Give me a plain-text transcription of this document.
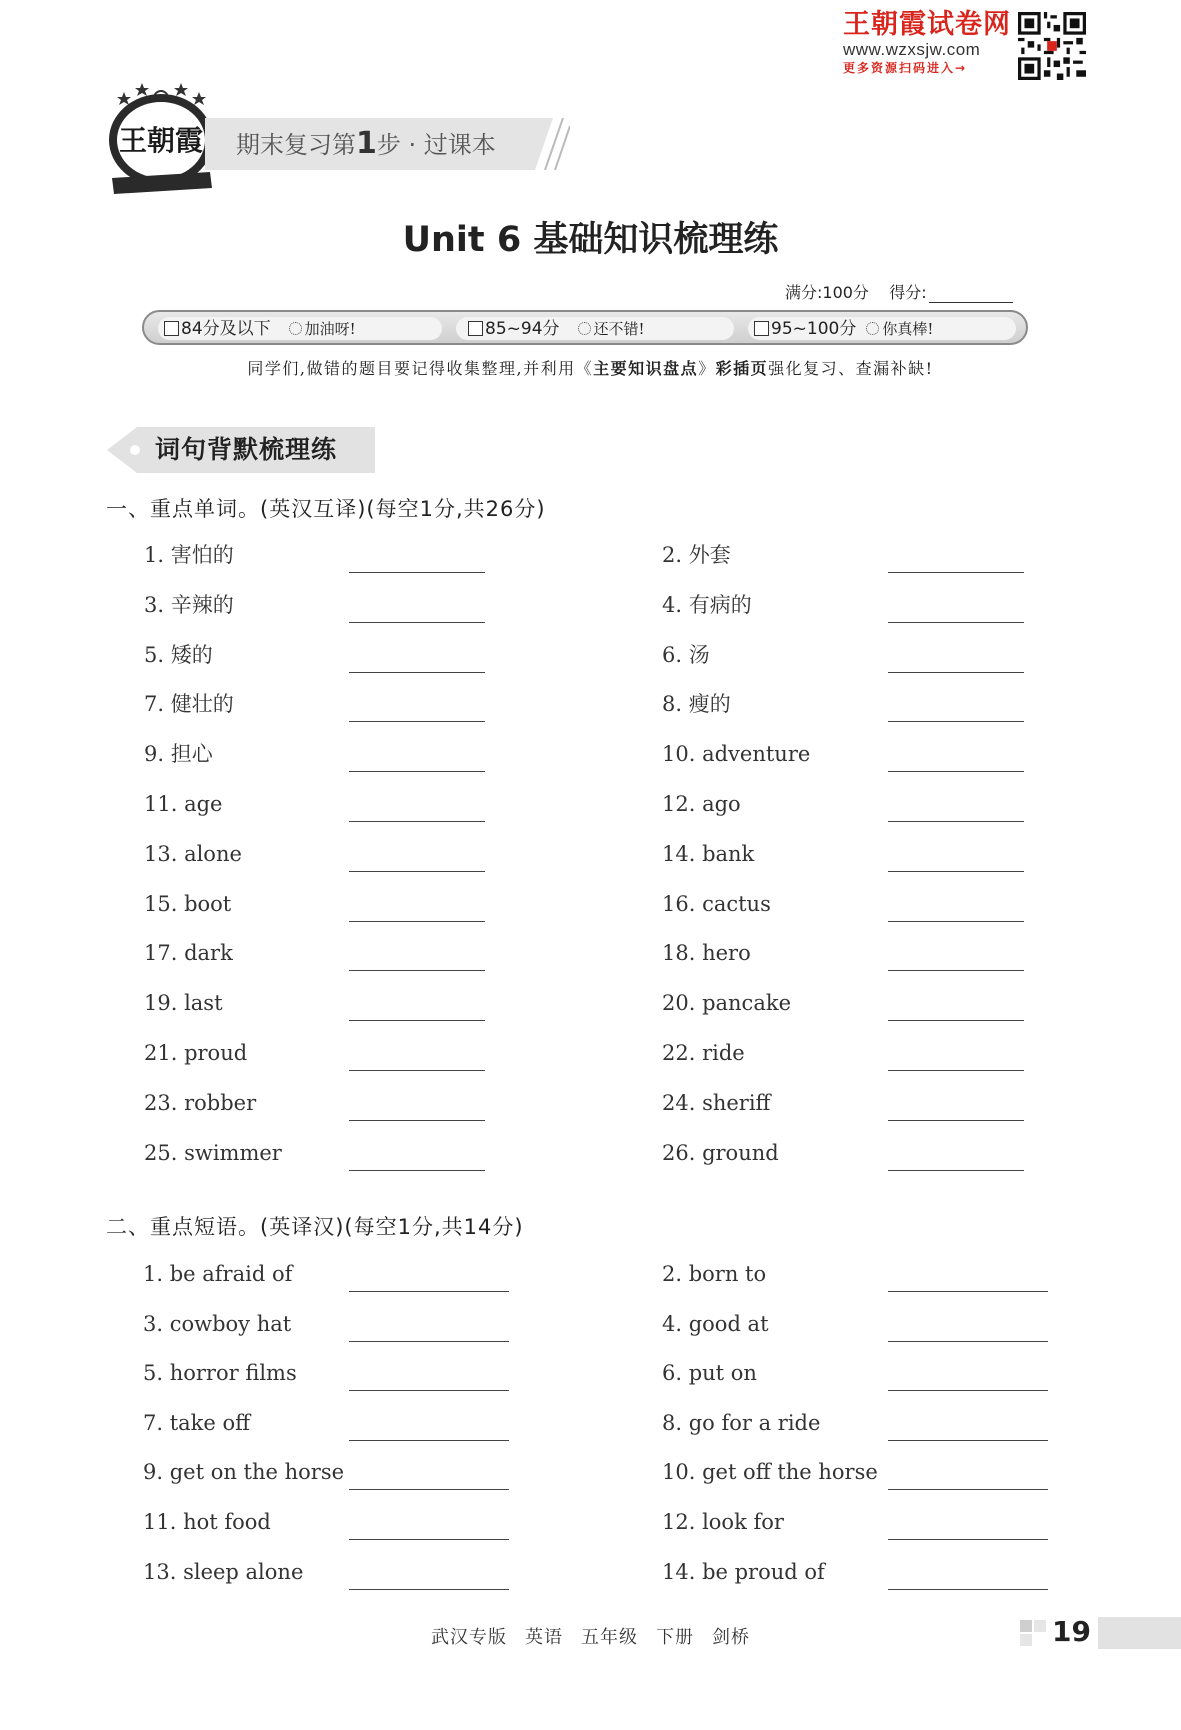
王朝霞试卷网
www.wzxsjw.com
更多资源扫码进入→
王朝霞 期末复习第1步 · 过课本
Unit 6 基础知识梳理练
满分:100分 得分:
84分及以下 加油呀!	85~94分 还不错!	95~100分 你真棒!
同学们,做错的题目要记得收集整理,并利用《主要知识盘点》彩插页强化复习、查漏补缺!
词句背默梳理练
一、重点单词。(英汉互译)(每空1分,共26分)
1. 害怕的	2. 外套
3. 辛辣的	4. 有病的
5. 矮的	6. 汤
7. 健壮的	8. 瘦的
9. 担心	10. adventure
11. age	12. ago
13. alone	14. bank
15. boot	16. cactus
17. dark	18. hero
19. last	20. pancake
21. proud	22. ride
23. robber	24. sheriff
25. swimmer	26. ground
二、重点短语。(英译汉)(每空1分,共14分)
1. be afraid of	2. born to
3. cowboy hat	4. good at
5. horror films	6. put on
7. take off	8. go for a ride
9. get on the horse	10. get off the horse
11. hot food	12. look for
13. sleep alone	14. be proud of
武汉专版 英语 五年级 下册 剑桥	19
